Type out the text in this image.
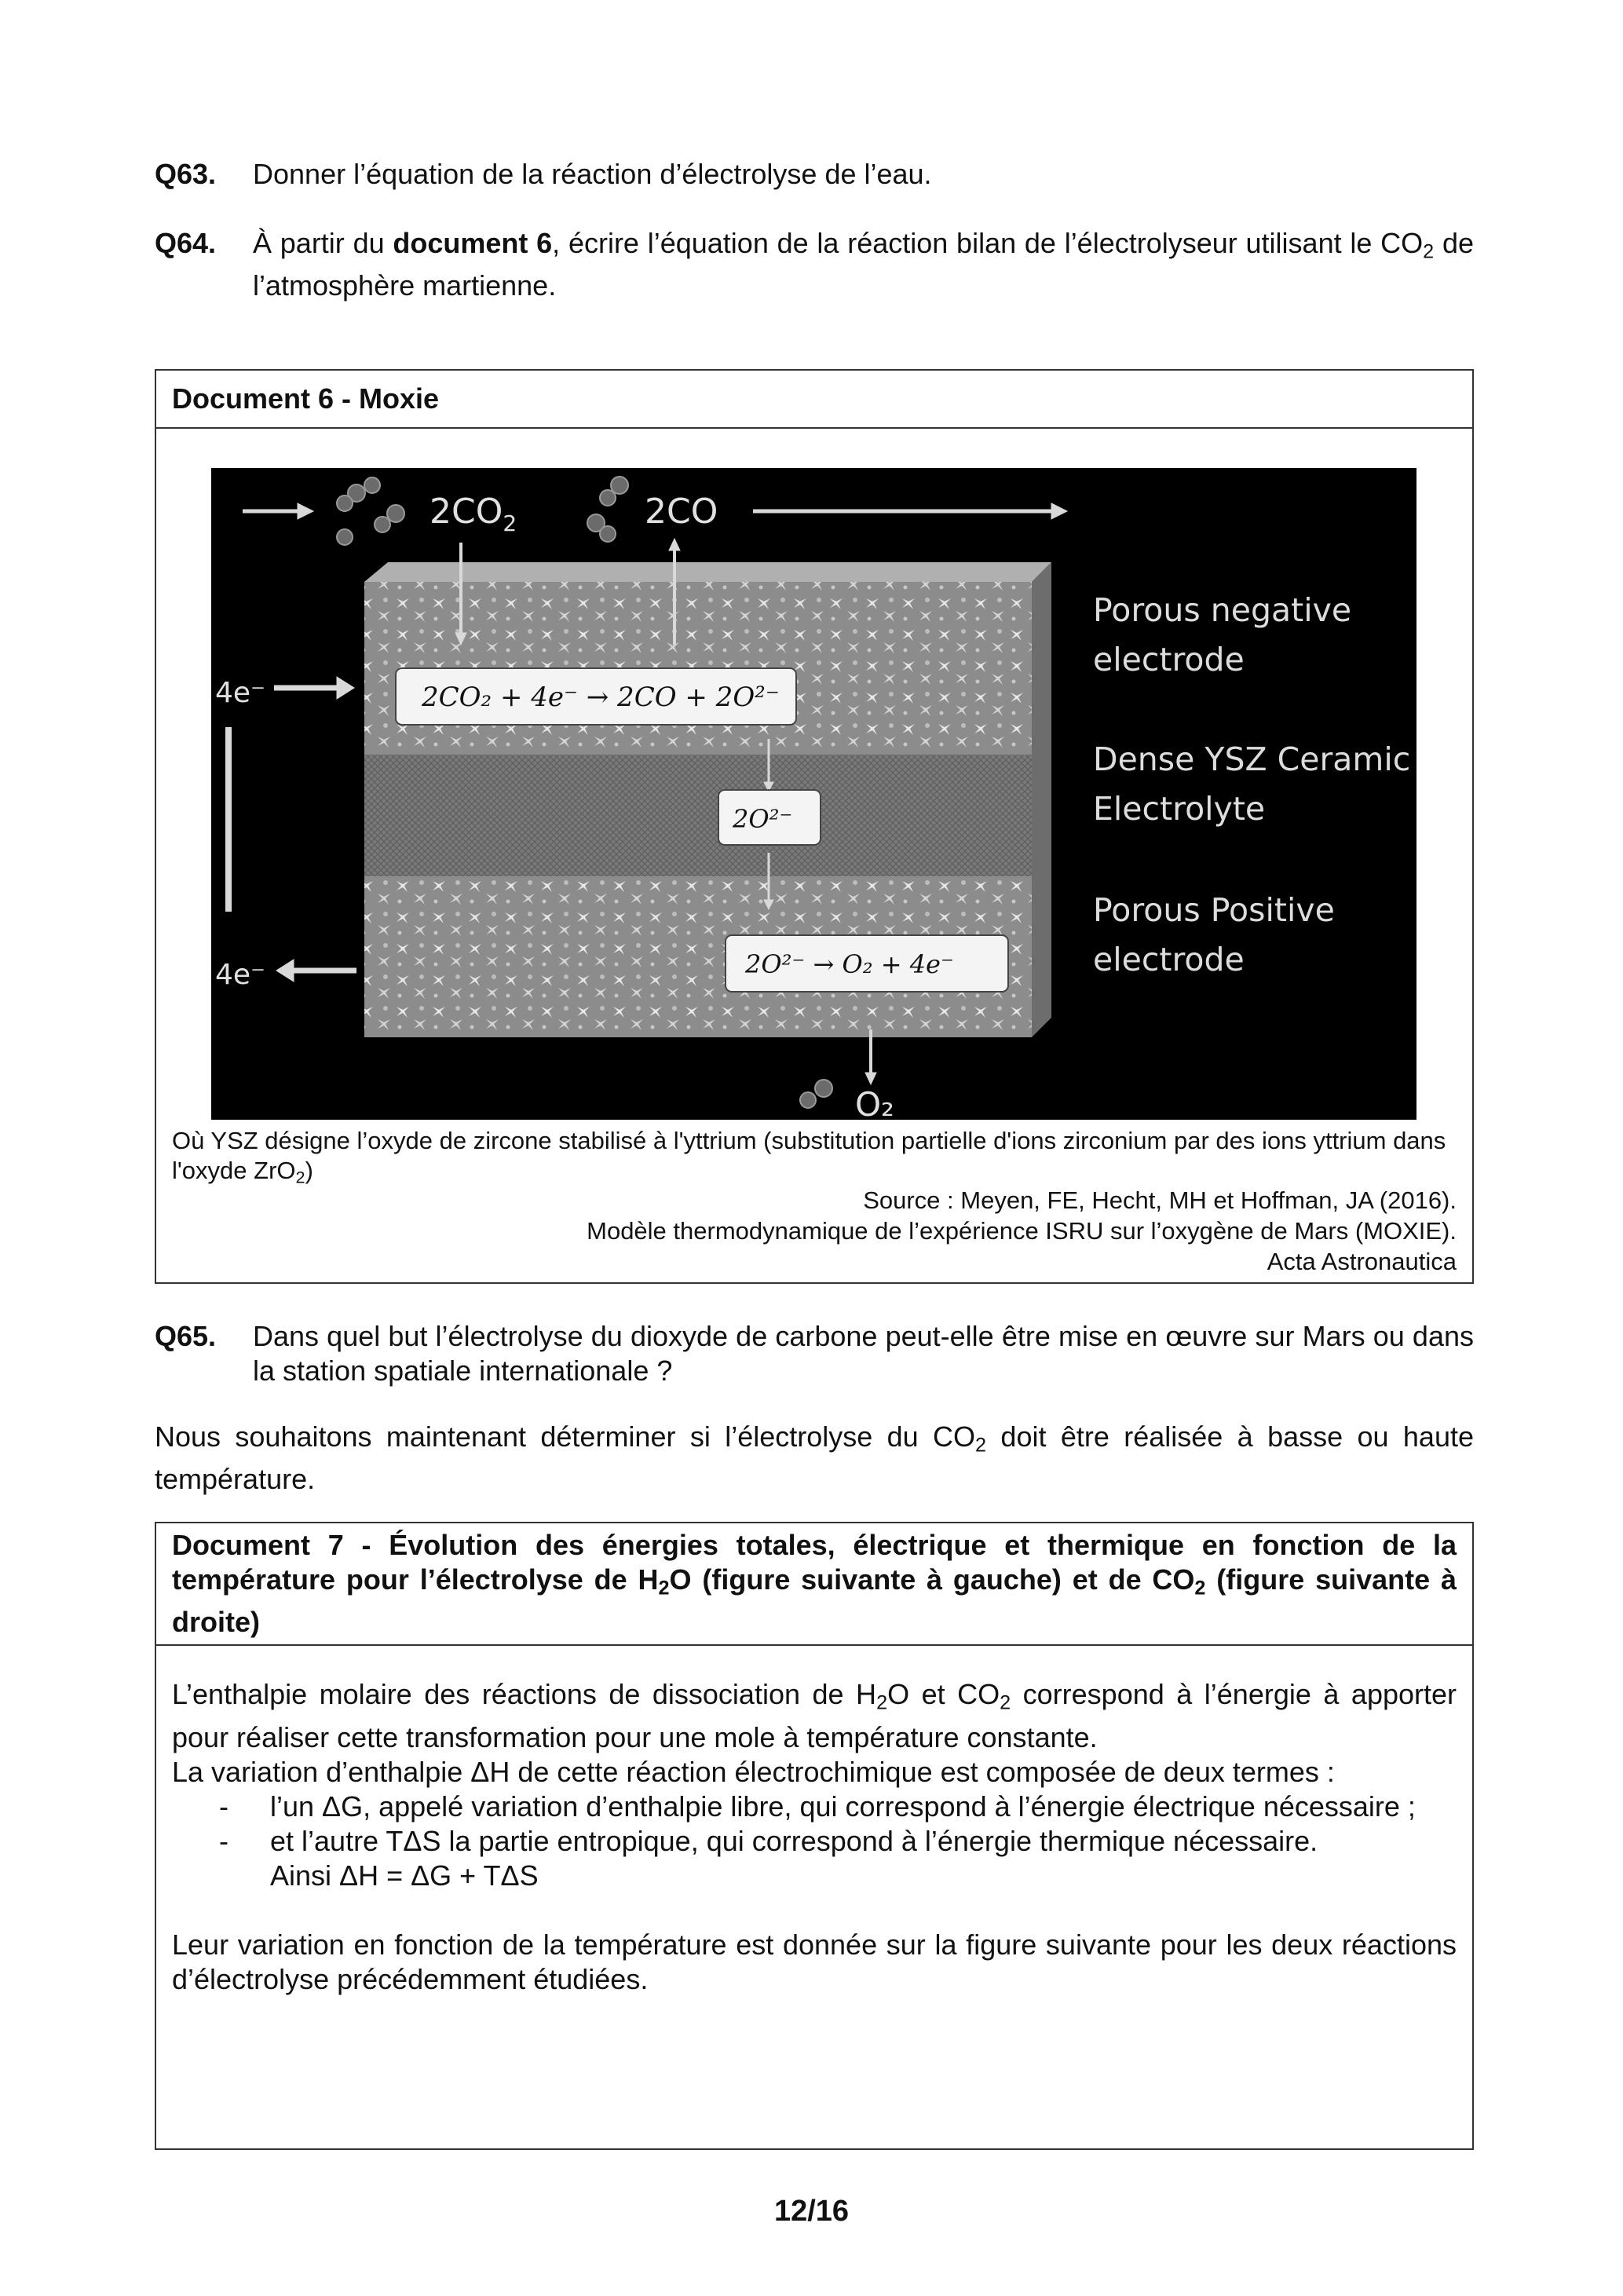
Q63. Donner l’équation de la réaction d’électrolyse de l’eau.
Q64. À partir du document 6, écrire l’équation de la réaction bilan de l’électrolyseur utilisant le $CO_2$ de l’atmosphère martienne.
Document 6 - Moxie
2CO₂ + 4e⁻ → 2CO + 2O²⁻
2O²⁻
2O²⁻ → O₂ + 4e⁻
$2CO_2$	2CO
4e⁻
4e⁻
O₂
Porous negative
electrode
Dense YSZ Ceramic
Electrolyte
Porous Positive
electrode
Où YSZ désigne l’oxyde de zircone stabilisé à l'yttrium (substitution partielle d'ions zirconium par des ions yttrium dans l'oxyde ZrO$_2$)
Source : Meyen, FE, Hecht, MH et Hoffman, JA (2016).
Modèle thermodynamique de l’expérience ISRU sur l’oxygène de Mars (MOXIE).
Acta Astronautica
Q65. Dans quel but l’électrolyse du dioxyde de carbone peut-elle être mise en œuvre sur Mars ou dans la station spatiale internationale ?
Nous souhaitons maintenant déterminer si l’électrolyse du $CO_2$ doit être réalisée à basse ou haute température.
Document 7 - Évolution des énergies totales, électrique et thermique en fonction de la température pour l’électrolyse de $H_2O$ (figure suivante à gauche) et de $CO_2$ (figure suivante à droite)
L’enthalpie molaire des réactions de dissociation de $H_2O$ et $CO_2$ correspond à l’énergie à apporter pour réaliser cette transformation pour une mole à température constante.
La variation d’enthalpie ΔH de cette réaction électrochimique est composée de deux termes :
- l’un ΔG, appelé variation d’enthalpie libre, qui correspond à l’énergie électrique nécessaire ;
- et l’autre TΔS la partie entropique, qui correspond à l’énergie thermique nécessaire.
Ainsi ΔH = ΔG + TΔS
Leur variation en fonction de la température est donnée sur la figure suivante pour les deux réactions d’électrolyse précédemment étudiées.
12/16
